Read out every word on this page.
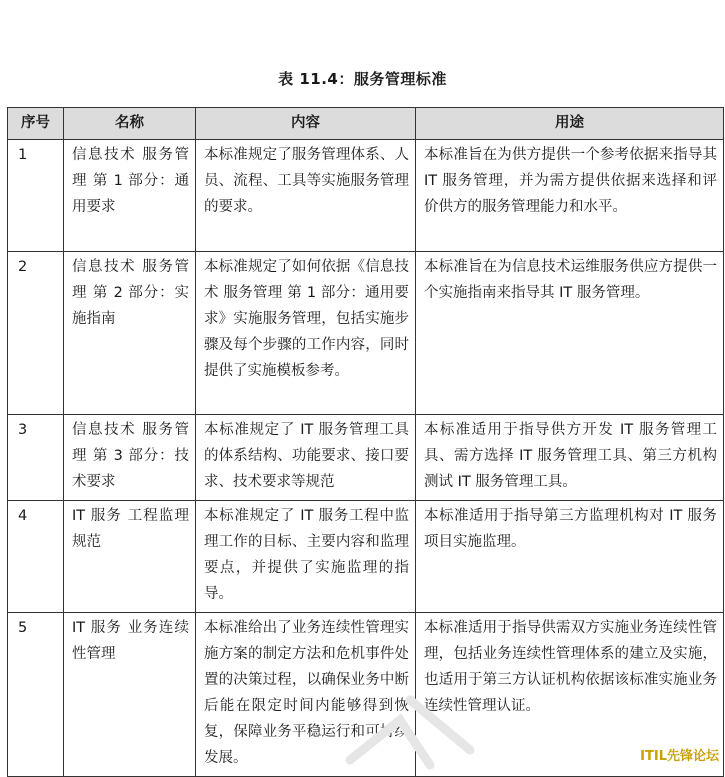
表 11.4：服务管理标准
序号	名称	内容	用途
1	信息技术 服务管理 第 1 部分：通用要求	本标准规定了服务管理体系、人员、流程、工具等实施服务管理的要求。	本标准旨在为供方提供一个参考依据来指导其 IT 服务管理，并为需方提供依据来选择和评价供方的服务管理能力和水平。
2	信息技术 服务管理 第 2 部分：实施指南	本标准规定了如何依据《信息技术 服务管理 第 1 部分：通用要求》实施服务管理，包括实施步骤及每个步骤的工作内容，同时提供了实施模板参考。	本标准旨在为信息技术运维服务供应方提供一个实施指南来指导其 IT 服务管理。
3	信息技术 服务管理 第 3 部分：技术要求	本标准规定了 IT 服务管理工具的体系结构、功能要求、接口要求、技术要求等规范	本标准适用于指导供方开发 IT 服务管理工具、需方选择 IT 服务管理工具、第三方机构测试 IT 服务管理工具。
4	IT 服务 工程监理规范	本标准规定了 IT 服务工程中监理工作的目标、主要内容和监理要点，并提供了实施监理的指导。	本标准适用于指导第三方监理机构对 IT 服务项目实施监理。
5	IT 服务 业务连续性管理	本标准给出了业务连续性管理实施方案的制定方法和危机事件处置的决策过程，以确保业务中断后能在限定时间内能够得到恢复，保障业务平稳运行和可持续发展。	本标准适用于指导供需双方实施业务连续性管理，包括业务连续性管理体系的建立及实施，也适用于第三方认证机构依据该标准实施业务连续性管理认证。
ITIL先锋论坛
